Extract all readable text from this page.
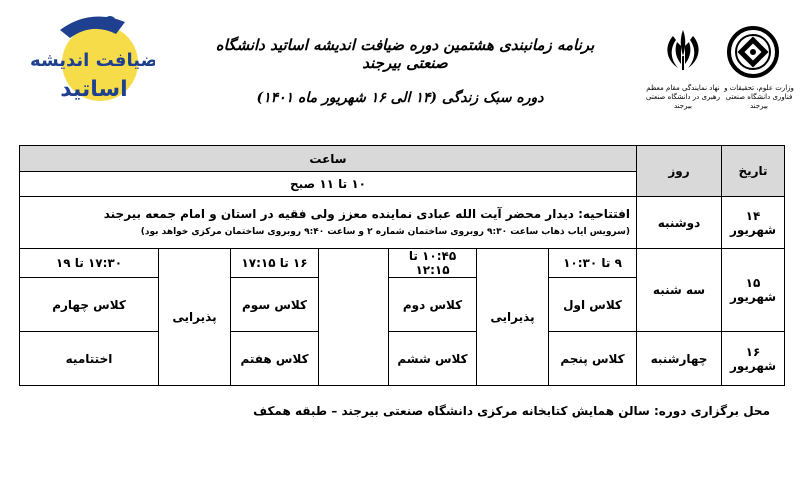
ضیافت اندیشه
اساتید
برنامه زمانبندی هشتمین دوره ضیافت اندیشه اساتید دانشگاه صنعتی بیرجند
دوره سبک زندگی (۱۴ الی ۱۶ شهریور ماه ۱۴۰۱)
نهاد نمایندگی مقام معظم رهبری در دانشگاه صنعتی بیرجند
وزارت علوم، تحقیقات و فناوری دانشگاه صنعتی بیرجند
تاریخ	روز	ساعت						
		۱۰ تا ۱۱ صبح						
۱۴ شهریور	دوشنبه	افتتاحیه: دیدار محضر آیت الله عبادی نماینده معزز ولی فقیه در استان و امام جمعه بیرجند
(سرویس ایاب ذهاب ساعت ۹:۳۰ روبروی ساختمان شماره ۲ و ساعت ۹:۴۰ روبروی ساختمان مرکزی خواهد بود)						

۱۵ شهریور	سه شنبه	۹ تا ۱۰:۳۰	پذیرایی	۱۰:۴۵ تا ۱۲:۱۵		۱۶ تا ۱۷:۱۵	پذیرایی	۱۷:۳۰ تا ۱۹
		کلاس اول		کلاس دوم		کلاس سوم		کلاس چهارم
۱۶ شهریور	چهارشنبه	کلاس پنجم		کلاس ششم		کلاس هفتم		اختتامیه
محل برگزاری دوره: سالن همایش کتابخانه مرکزی دانشگاه صنعتی بیرجند – طبقه همکف
